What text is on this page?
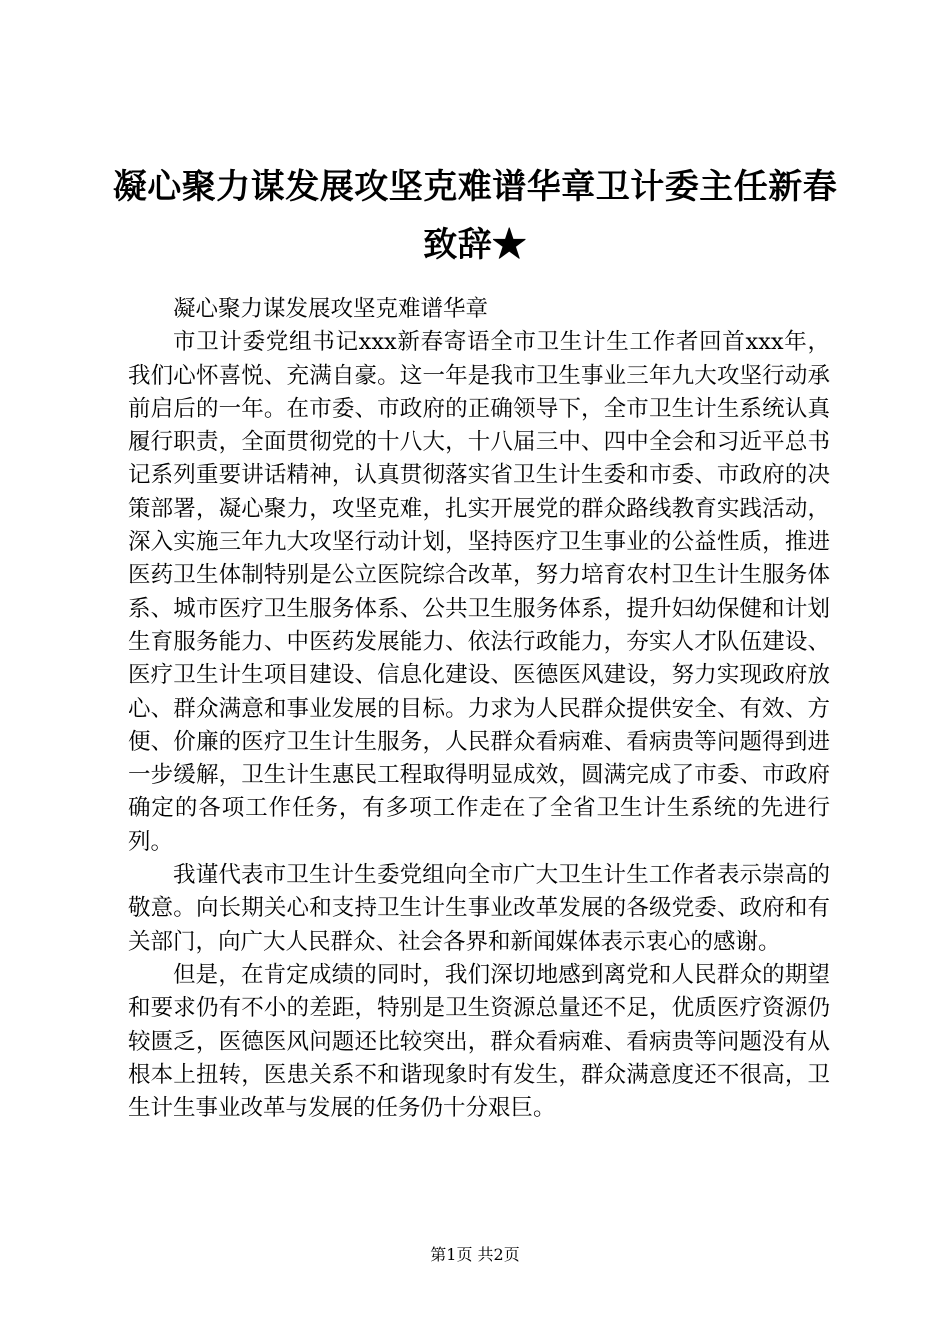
凝心聚力谋发展攻坚克难谱华章卫计委主任新春致辞★

凝心聚力谋发展攻坚克难谱华章

市卫计委党组书记xxx新春寄语全市卫生计生工作者回首xxx年，我们心怀喜悦、充满自豪。这一年是我市卫生事业三年九大攻坚行动承前启后的一年。在市委、市政府的正确领导下，全市卫生计生系统认真履行职责，全面贯彻党的十八大，十八届三中、四中全会和习近平总书记系列重要讲话精神，认真贯彻落实省卫生计生委和市委、市政府的决策部署，凝心聚力，攻坚克难，扎实开展党的群众路线教育实践活动，深入实施三年九大攻坚行动计划，坚持医疗卫生事业的公益性质，推进医药卫生体制特别是公立医院综合改革，努力培育农村卫生计生服务体系、城市医疗卫生服务体系、公共卫生服务体系，提升妇幼保健和计划生育服务能力、中医药发展能力、依法行政能力，夯实人才队伍建设、医疗卫生计生项目建设、信息化建设、医德医风建设，努力实现政府放心、群众满意和事业发展的目标。力求为人民群众提供安全、有效、方便、价廉的医疗卫生计生服务，人民群众看病难、看病贵等问题得到进一步缓解，卫生计生惠民工程取得明显成效，圆满完成了市委、市政府确定的各项工作任务，有多项工作走在了全省卫生计生系统的先进行列。

我谨代表市卫生计生委党组向全市广大卫生计生工作者表示崇高的敬意。向长期关心和支持卫生计生事业改革发展的各级党委、政府和有关部门，向广大人民群众、社会各界和新闻媒体表示衷心的感谢。

但是，在肯定成绩的同时，我们深切地感到离党和人民群众的期望和要求仍有不小的差距，特别是卫生资源总量还不足，优质医疗资源仍较匮乏，医德医风问题还比较突出，群众看病难、看病贵等问题没有从根本上扭转，医患关系不和谐现象时有发生，群众满意度还不很高，卫生计生事业改革与发展的任务仍十分艰巨。

第1页 共2页
